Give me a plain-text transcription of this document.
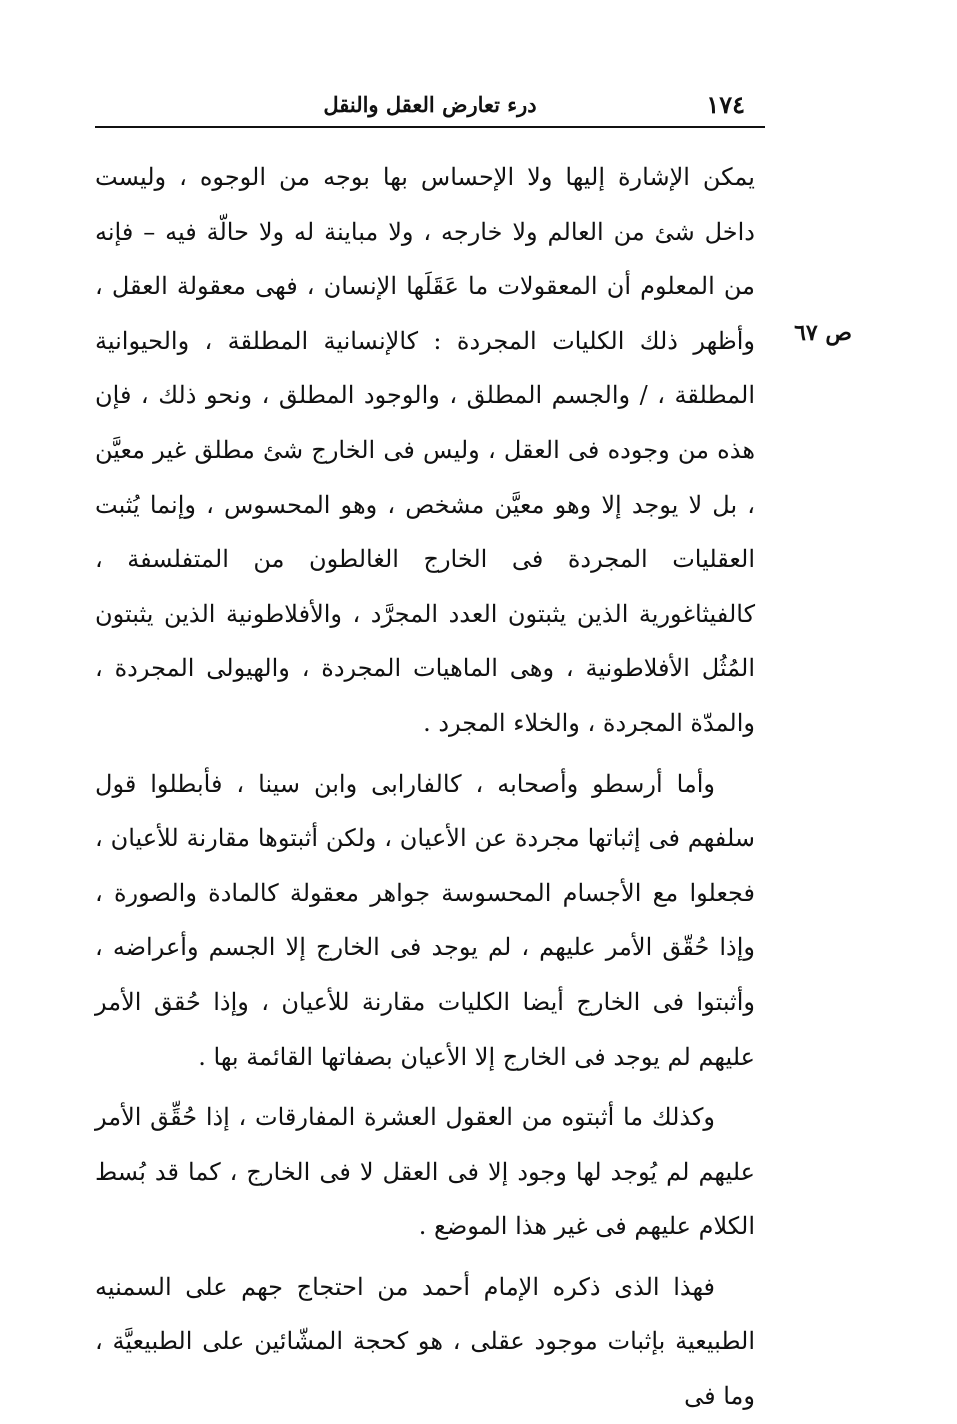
١٧٤
درء تعارض العقل والنقل
ص ٦٧

يمكن الإشارة إليها ولا الإحساس بها بوجه من الوجوه ، وليست داخل شئ من العالم ولا خارجه ، ولا مباينة له ولا حالّة فيه – فإنه من المعلوم أن المعقولات ما عَقَلَها الإنسان ، فهى معقولة العقل ، وأظهر ذلك الكليات المجردة : كالإنسانية المطلقة ، والحيوانية المطلقة ، / والجسم المطلق ، والوجود المطلق ، ونحو ذلك ، فإن هذه من وجوده فى العقل ، وليس فى الخارج شئ مطلق غير معيَّن ، بل لا يوجد إلا وهو معيَّن مشخص ، وهو المحسوس ، وإنما يُثبت العقليات المجردة فى الخارج الغالطون من المتفلسفة ، كالفيثاغورية الذين يثبتون العدد المجرَّد ، والأفلاطونية الذين يثبتون المُثُل الأفلاطونية ، وهى الماهيات المجردة ، والهيولى المجردة ، والمدّة المجردة ، والخلاء المجرد .

وأما أرسطو وأصحابه ، كالفارابى وابن سينا ، فأبطلوا قول سلفهم فى إثباتها مجردة عن الأعيان ، ولكن أثبتوها مقارنة للأعيان ، فجعلوا مع الأجسام المحسوسة جواهر معقولة كالمادة والصورة ، وإذا حُقّق الأمر عليهم ، لم يوجد فى الخارج إلا الجسم وأعراضه ، وأثبتوا فى الخارج أيضا الكليات مقارنة للأعيان ، وإذا حُقق الأمر عليهم لم يوجد فى الخارج إلا الأعيان بصفاتها القائمة بها .

وكذلك ما أثبتوه من العقول العشرة المفارقات ، إذا حُقِّق الأمر عليهم لم يُوجد لها وجود إلا فى العقل لا فى الخارج ، كما قد بُسط الكلام عليهم فى غير هذا الموضع .

فهذا الذى ذكره الإمام أحمد من احتجاج جهم على السمنيه الطبيعية بإثبات موجود عقلى ، هو كحجة المشّائين على الطبيعيَّة ، وما فى
